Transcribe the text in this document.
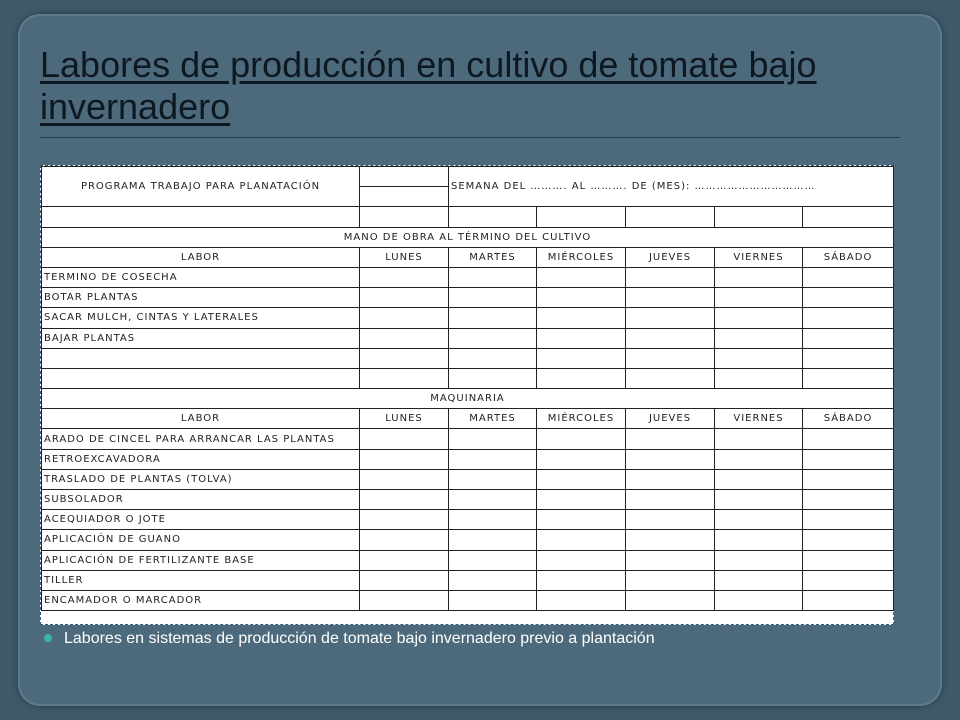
Labores de producción en cultivo de tomate bajo invernadero
PROGRAMA TRABAJO PARA PLANATACIÓN		SEMANA DEL ………. AL ………. DE (MES): ……………………………				

MANO DE OBRA AL TÉRMINO DEL CULTIVO						
LABOR	LUNES	MARTES	MIÉRCOLES	JUEVES	VIERNES	SÁBADO
TERMINO DE COSECHA						
BOTAR PLANTAS						
SACAR MULCH, CINTAS Y LATERALES						
BAJAR PLANTAS						

MAQUINARIA						
LABOR	LUNES	MARTES	MIÉRCOLES	JUEVES	VIERNES	SÁBADO
ARADO DE CINCEL PARA ARRANCAR LAS PLANTAS						
RETROEXCAVADORA						
TRASLADO DE PLANTAS (TOLVA)						
SUBSOLADOR						
ACEQUIADOR O JOTE						
APLICACIÓN DE GUANO						
APLICACIÓN DE FERTILIZANTE BASE						
TILLER						
ENCAMADOR O MARCADOR						
Labores en sistemas de producción de tomate bajo invernadero previo a plantación
